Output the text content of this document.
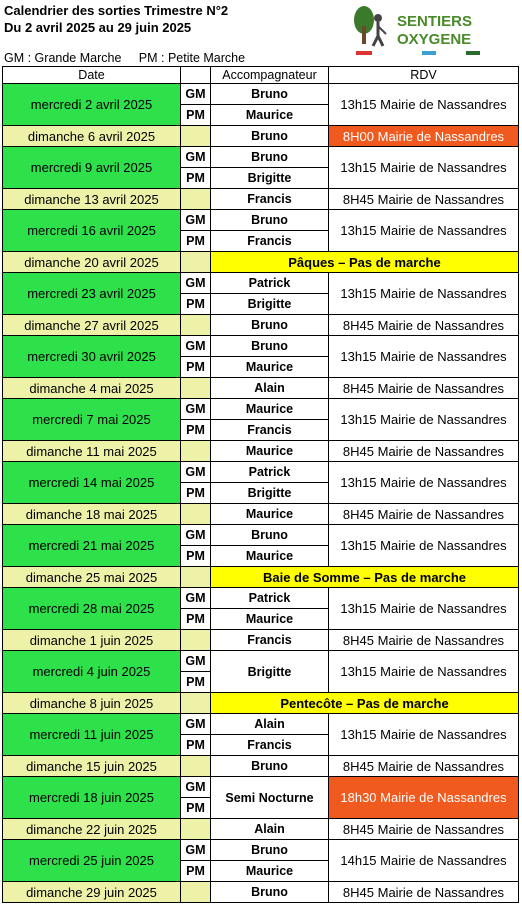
Calendrier des sorties Trimestre N°2
Du 2 avril 2025 au 29 juin 2025
GM : Grande Marche PM : Petite Marche
SENTIERS
OXYGENE
Date		Accompagnateur	RDV
mercredi 2 avril 2025	GM	Bruno	13h15 Mairie de Nassandres
	PM	Maurice	
dimanche 6 avril 2025		Bruno	8H00 Mairie de Nassandres
mercredi 9 avril 2025	GM	Bruno	13h15 Mairie de Nassandres
	PM	Brigitte	
dimanche 13 avril 2025		Francis	8H45 Mairie de Nassandres
mercredi 16 avril 2025	GM	Bruno	13h15 Mairie de Nassandres
	PM	Francis	
dimanche 20 avril 2025		Pâques – Pas de marche	
mercredi 23 avril 2025	GM	Patrick	13h15 Mairie de Nassandres
	PM	Brigitte	
dimanche 27 avril 2025		Bruno	8H45 Mairie de Nassandres
mercredi 30 avril 2025	GM	Bruno	13h15 Mairie de Nassandres
	PM	Maurice	
dimanche 4 mai 2025		Alain	8H45 Mairie de Nassandres
mercredi 7 mai 2025	GM	Maurice	13h15 Mairie de Nassandres
	PM	Francis	
dimanche 11 mai 2025		Maurice	8H45 Mairie de Nassandres
mercredi 14 mai 2025	GM	Patrick	13h15 Mairie de Nassandres
	PM	Brigitte	
dimanche 18 mai 2025		Maurice	8H45 Mairie de Nassandres
mercredi 21 mai 2025	GM	Bruno	13h15 Mairie de Nassandres
	PM	Maurice	
dimanche 25 mai 2025		Baie de Somme – Pas de marche	
mercredi 28 mai 2025	GM	Patrick	13h15 Mairie de Nassandres
	PM	Maurice	
dimanche 1 juin 2025		Francis	8H45 Mairie de Nassandres
mercredi 4 juin 2025	GM	Brigitte	13h15 Mairie de Nassandres
	PM		
dimanche 8 juin 2025		Pentecôte – Pas de marche	
mercredi 11 juin 2025	GM	Alain	13h15 Mairie de Nassandres
	PM	Francis	
dimanche 15 juin 2025		Bruno	8H45 Mairie de Nassandres
mercredi 18 juin 2025	GM	Semi Nocturne	18h30 Mairie de Nassandres
	PM		
dimanche 22 juin 2025		Alain	8H45 Mairie de Nassandres
mercredi 25 juin 2025	GM	Bruno	14h15 Mairie de Nassandres
	PM	Maurice	
dimanche 29 juin 2025		Bruno	8H45 Mairie de Nassandres
